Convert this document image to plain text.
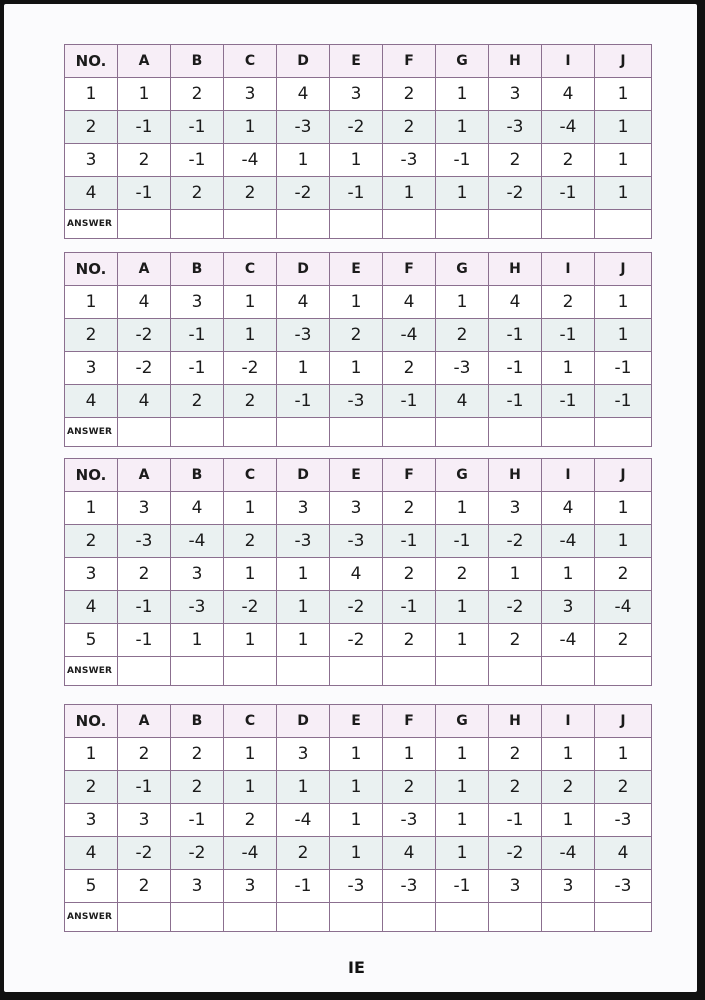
NO.	A	B	C	D	E	F	G	H	I	J
1	1	2	3	4	3	2	1	3	4	1
2	-1	-1	1	-3	-2	2	1	-3	-4	1
3	2	-1	-4	1	1	-3	-1	2	2	1
4	-1	2	2	-2	-1	1	1	-2	-1	1
ANSWER										
NO.	A	B	C	D	E	F	G	H	I	J
1	4	3	1	4	1	4	1	4	2	1
2	-2	-1	1	-3	2	-4	2	-1	-1	1
3	-2	-1	-2	1	1	2	-3	-1	1	-1
4	4	2	2	-1	-3	-1	4	-1	-1	-1
ANSWER										
NO.	A	B	C	D	E	F	G	H	I	J
1	3	4	1	3	3	2	1	3	4	1
2	-3	-4	2	-3	-3	-1	-1	-2	-4	1
3	2	3	1	1	4	2	2	1	1	2
4	-1	-3	-2	1	-2	-1	1	-2	3	-4
5	-1	1	1	1	-2	2	1	2	-4	2
ANSWER										
NO.	A	B	C	D	E	F	G	H	I	J
1	2	2	1	3	1	1	1	2	1	1
2	-1	2	1	1	1	2	1	2	2	2
3	3	-1	2	-4	1	-3	1	-1	1	-3
4	-2	-2	-4	2	1	4	1	-2	-4	4
5	2	3	3	-1	-3	-3	-1	3	3	-3
ANSWER										
IE
